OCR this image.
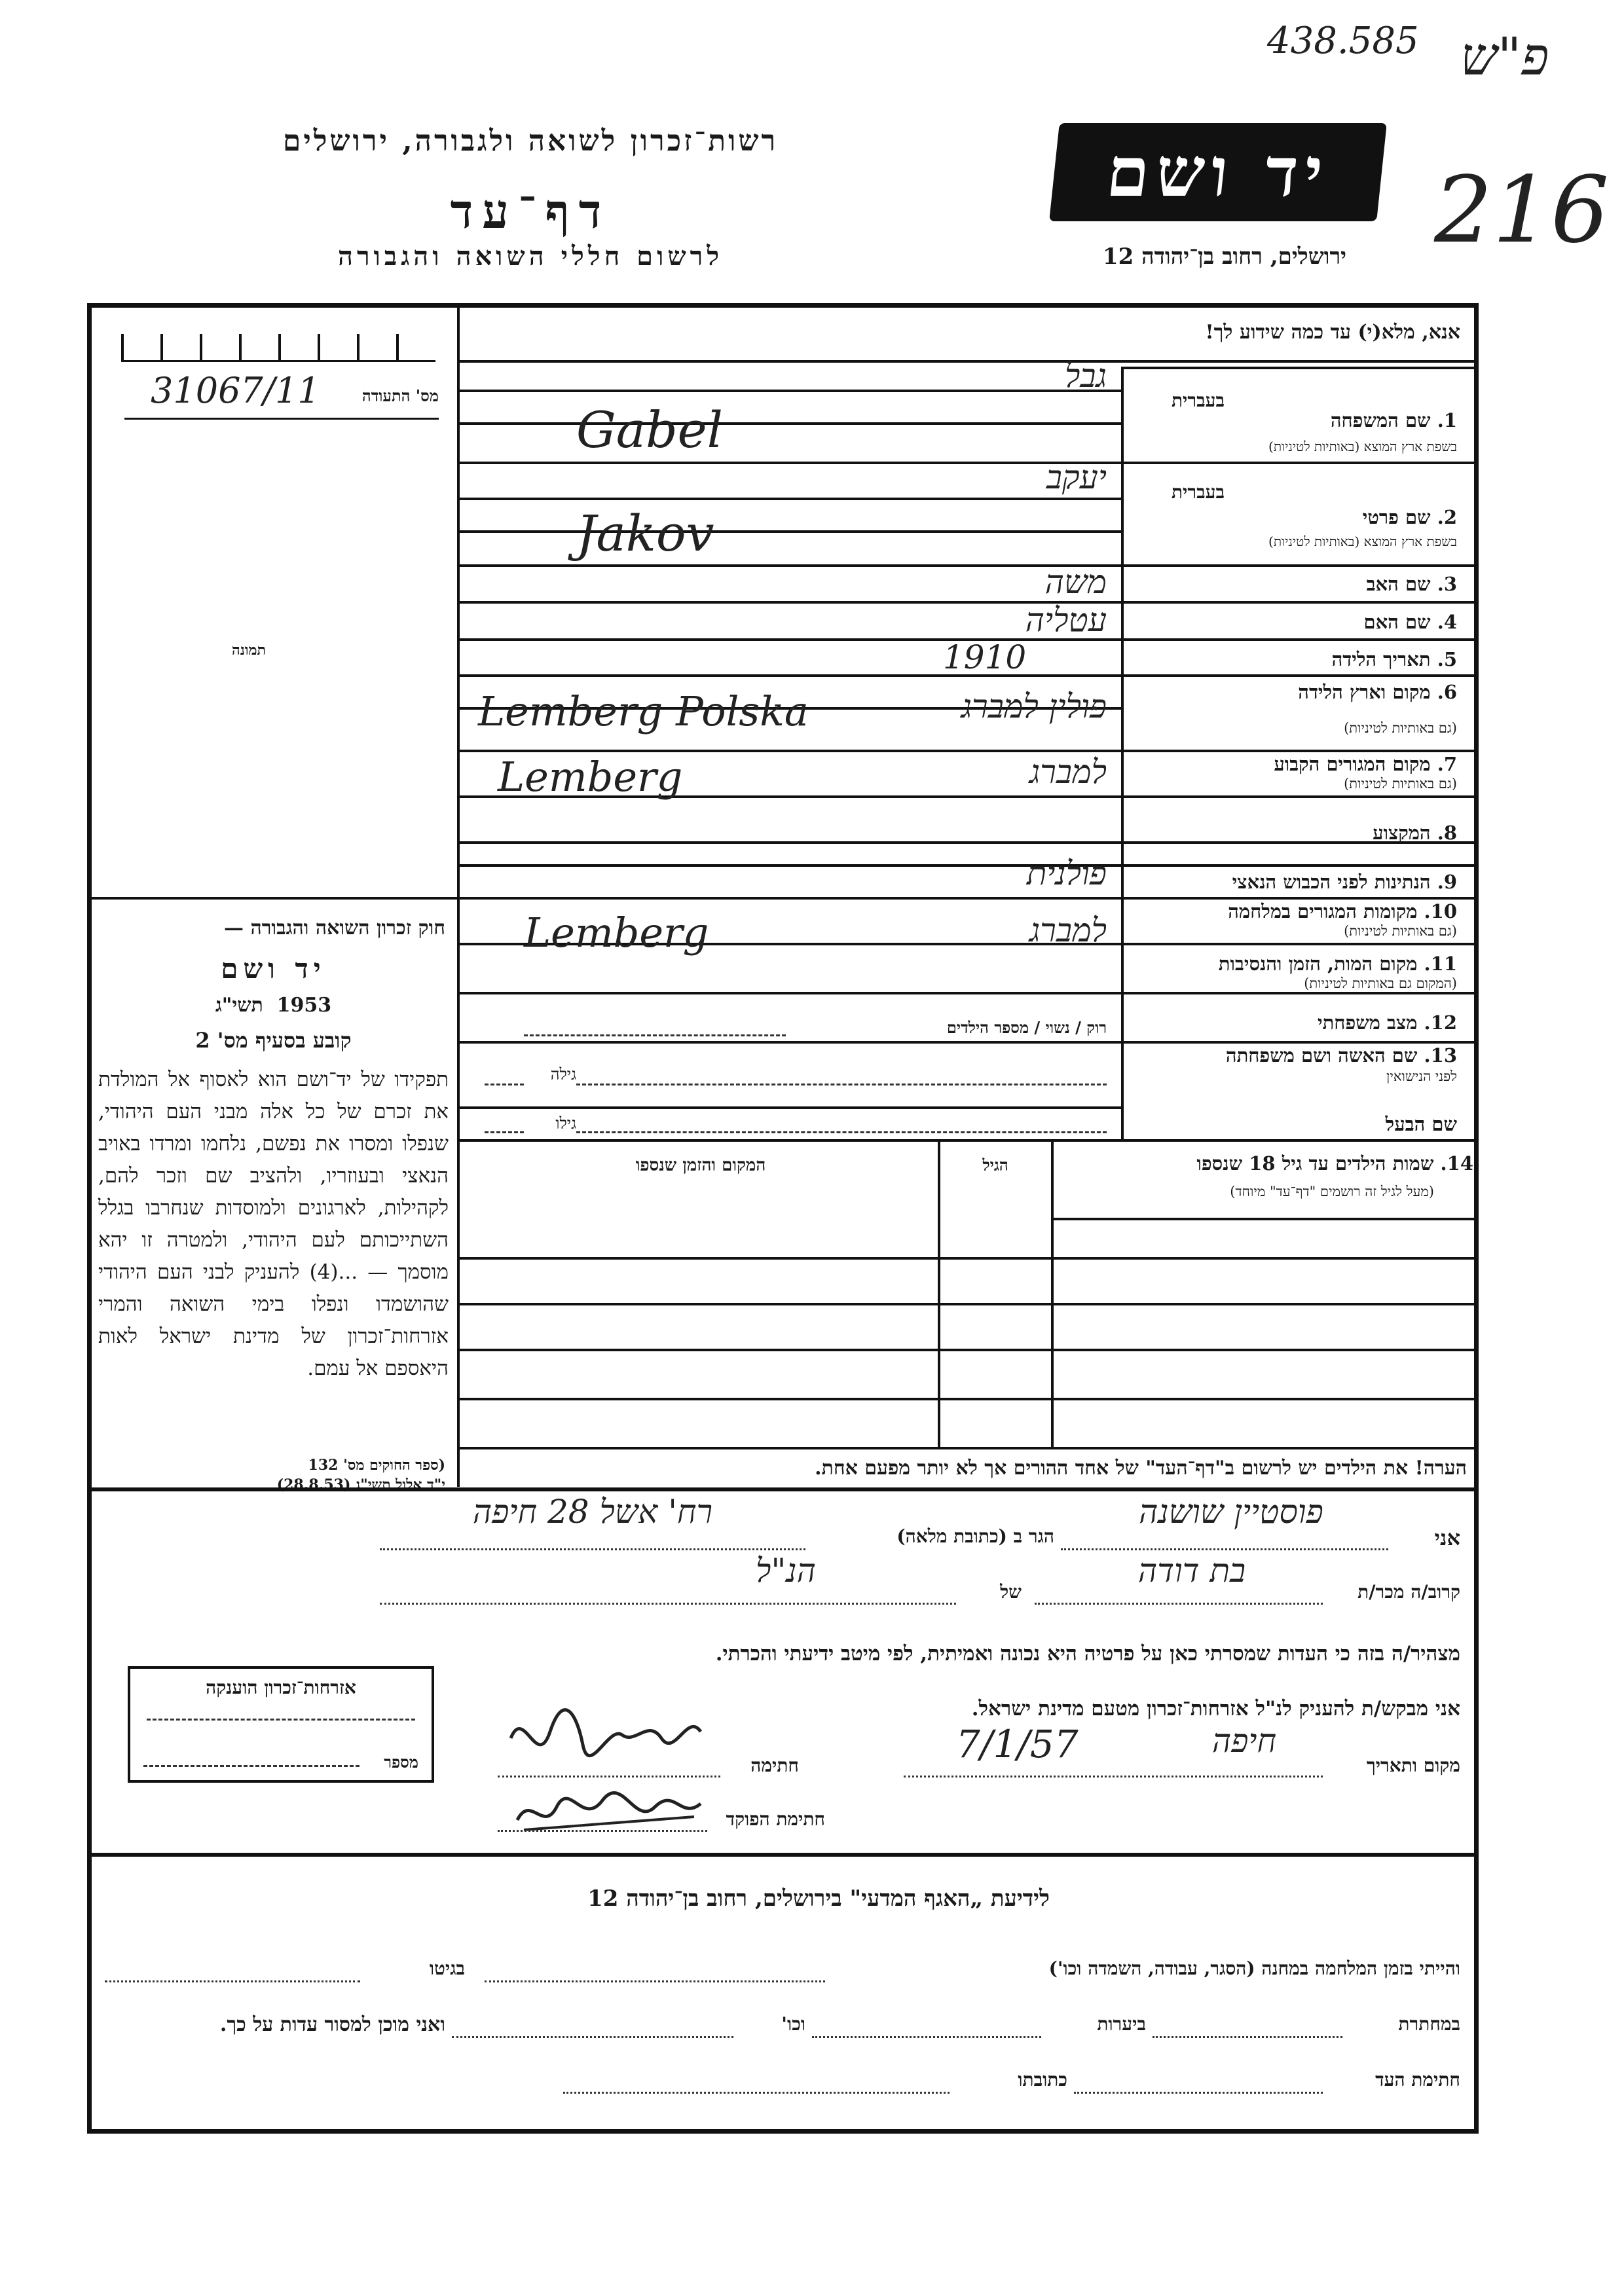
438.585 פ"ש
216
רשות־זכרון לשואה ולגבורה, ירושלים
דף־עד
לרשום חללי השואה והגבורה
יד ושם
ירושלים, רחוב בן־יהודה 12
אנא, מלא(י) עד כמה שידוע לך!
מס' התעודה
31067/11
תמונה
חוק זכרון השואה והגבורה —
יד ושם
1953  תשי"ג
קובע בסעיף מס' 2
תפקידו של יד־ושם הוא לאסוף אל המולדת את זכרם של כל אלה מבני העם היהודי, שנפלו ומסרו את נפשם, נלחמו ומרדו באויב הנאצי ובעוזריו, ולהציב שם וזכר להם, לקהילות, לארגונים ולמוסדות שנחרבו בגלל השתייכותם לעם היהודי, ולמטרה זו יהא מוסמך — ...(4) להעניק לבני העם היהודי שהושמדו ונפלו בימי השואה והמרי אזרחות־זכרון של מדינת ישראל לאות היאספם אל עמם.
(ספר החוקים מס' 132
י"ד אלול תשי"ג (28.8.53)
בעברית
1. שם המשפחה
בשפת ארץ המוצא (באותיות לטיניות)
בעברית
2. שם פרטי
בשפת ארץ המוצא (באותיות לטיניות)
3. שם האב
4. שם האם
5. תאריך הלידה
6. מקום וארץ הלידה
(גם באותיות לטיניות)
7. מקום המגורים הקבוע
(גם באותיות לטיניות)
8. המקצוע
9. הנתינות לפני הכבוש הנאצי
10. מקומות המגורים במלחמה
(גם באותיות לטיניות)
11. מקום המות, הזמן והנסיבות
(המקום גם באותיות לטיניות)
12. מצב משפחתי
13. שם האשה ושם משפחתה
לפני הנישואין
שם הבעל
רוק / נשוי / מספר הילדים
גילה
גילו
גבל
Gabel
יעקב
Jakov
משה
עטליה
1910
פולין למברג
Lemberg Polska
למברג
Lemberg
פולנית
למברג
Lemberg
14. שמות הילדים עד גיל 18 שנספו
(מעל לגיל זה רושמים "דף־עד" מיוחד)
הגיל
המקום והזמן שנספו
הערה! את הילדים יש לרשום ב"דף־העד" של אחד ההורים אך לא יותר מפעם אחת.
אני
פוסטיין שושנה
הגר ב (כתובת מלאה)
רח' אשל 28 חיפה
קרוב/ה מכר/ת
בת דודה
של
הנ"ל
מצהיר/ה בזה כי העדות שמסרתי כאן על פרטיה היא נכונה ואמיתית, לפי מיטב ידיעתי והכרתי.
אזרחות־זכרון הוענקה
מספר
אני מבקש/ת להעניק לנ"ל אזרחות־זכרון מטעם מדינת ישראל.
מקום ותאריך
חיפה
7/1/57
חתימה
חתימת הפוקד
לידיעת „האגף המדעי" בירושלים, רחוב בן־יהודה 12
והייתי בזמן המלחמה במחנה (הסגר, עבודה, השמדה וכו')
בגיטו
במחתרת
ביערות
וכו'
ואני מוכן למסור עדות על כך.
חתימת העד
כתובתו
